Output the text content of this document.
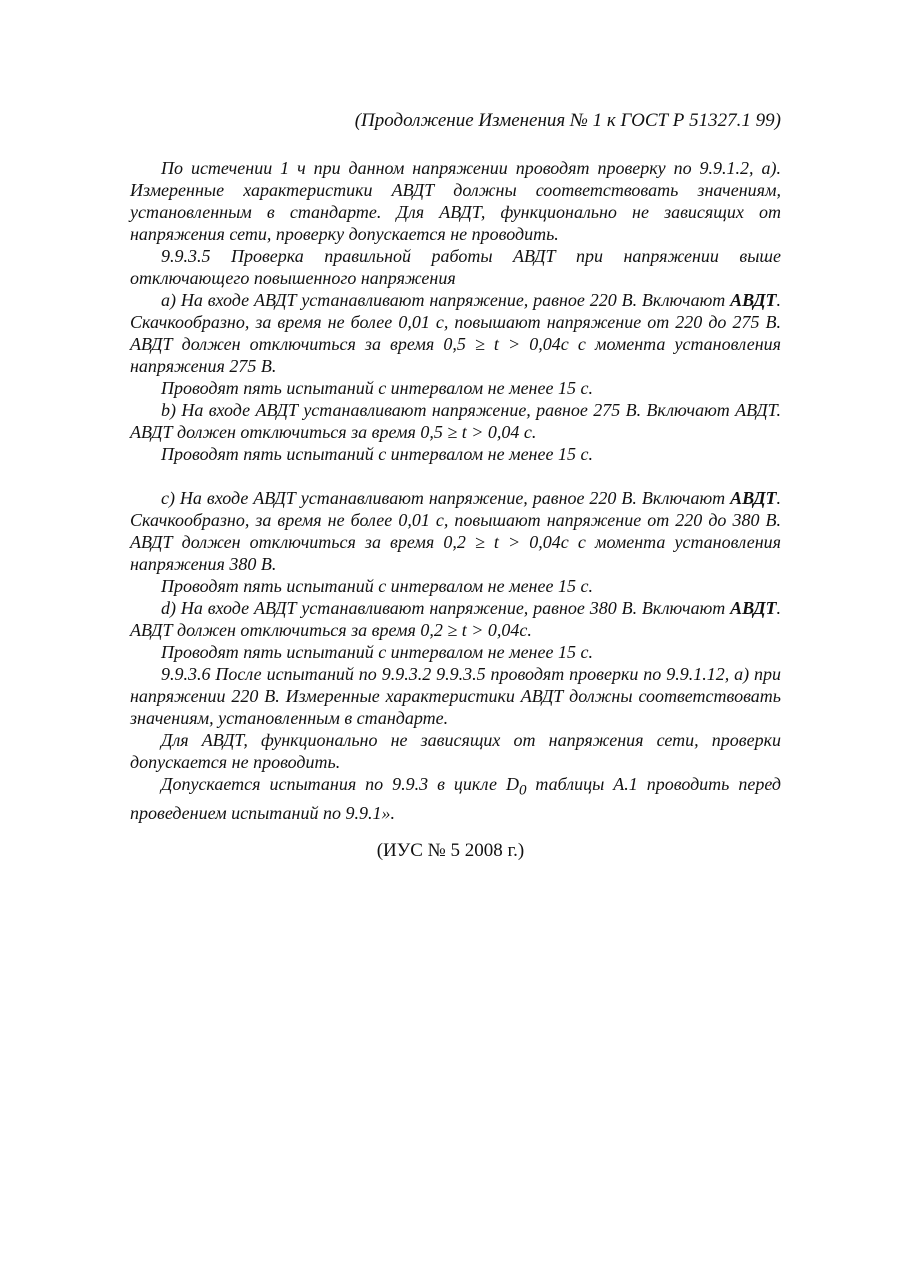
(Продолжение Изменения № 1 к ГОСТ Р 51327.1 99)

По истечении 1 ч при данном напряжении проводят проверку по 9.9.1.2, а). Измеренные характеристики АВДТ должны соответствовать значениям, установленным в стандарте. Для АВДТ, функционально не зависящих от напряжения сети, проверку допускается не проводить.

9.9.3.5 Проверка правильной работы АВДТ при напряжении выше отключающего повышенного напряжения

а) На входе АВДТ устанавливают напряжение, равное 220 В. Включают АВДТ. Скачкообразно, за время не более 0,01 с, повышают напряжение от 220 до 275 В. АВДТ должен отключиться за время 0,5 ≥ t > 0,04с с момента установления напряжения 275 В.

Проводят пять испытаний с интервалом не менее 15 с.

b) На входе АВДТ устанавливают напряжение, равное 275 В. Включают АВДТ. АВДТ должен отключиться за время 0,5 ≥ t > 0,04 с.

Проводят пять испытаний с интервалом не менее 15 с.

с) На входе АВДТ устанавливают напряжение, равное 220 В. Включают АВДТ. Скачкообразно, за время не более 0,01 с, повышают напряжение от 220 до 380 В. АВДТ должен отключиться за время 0,2 ≥ t > 0,04с с момента установления напряжения 380 В.

Проводят пять испытаний с интервалом не менее 15 с.

d) На входе АВДТ устанавливают напряжение, равное 380 В. Включают АВДТ. АВДТ должен отключиться за время 0,2 ≥ t > 0,04с.

Проводят пять испытаний с интервалом не менее 15 с.

9.9.3.6 После испытаний по 9.9.3.2 9.9.3.5 проводят проверки по 9.9.1.12, а) при напряжении 220 В. Измеренные характеристики АВДТ должны соответствовать значениям, установленным в стандарте.

Для АВДТ, функционально не зависящих от напряжения сети, проверки допускается не проводить.

Допускается испытания по 9.9.3 в цикле $D_0$ таблицы А.1 проводить перед проведением испытаний по 9.9.1».

(ИУС № 5 2008 г.)
